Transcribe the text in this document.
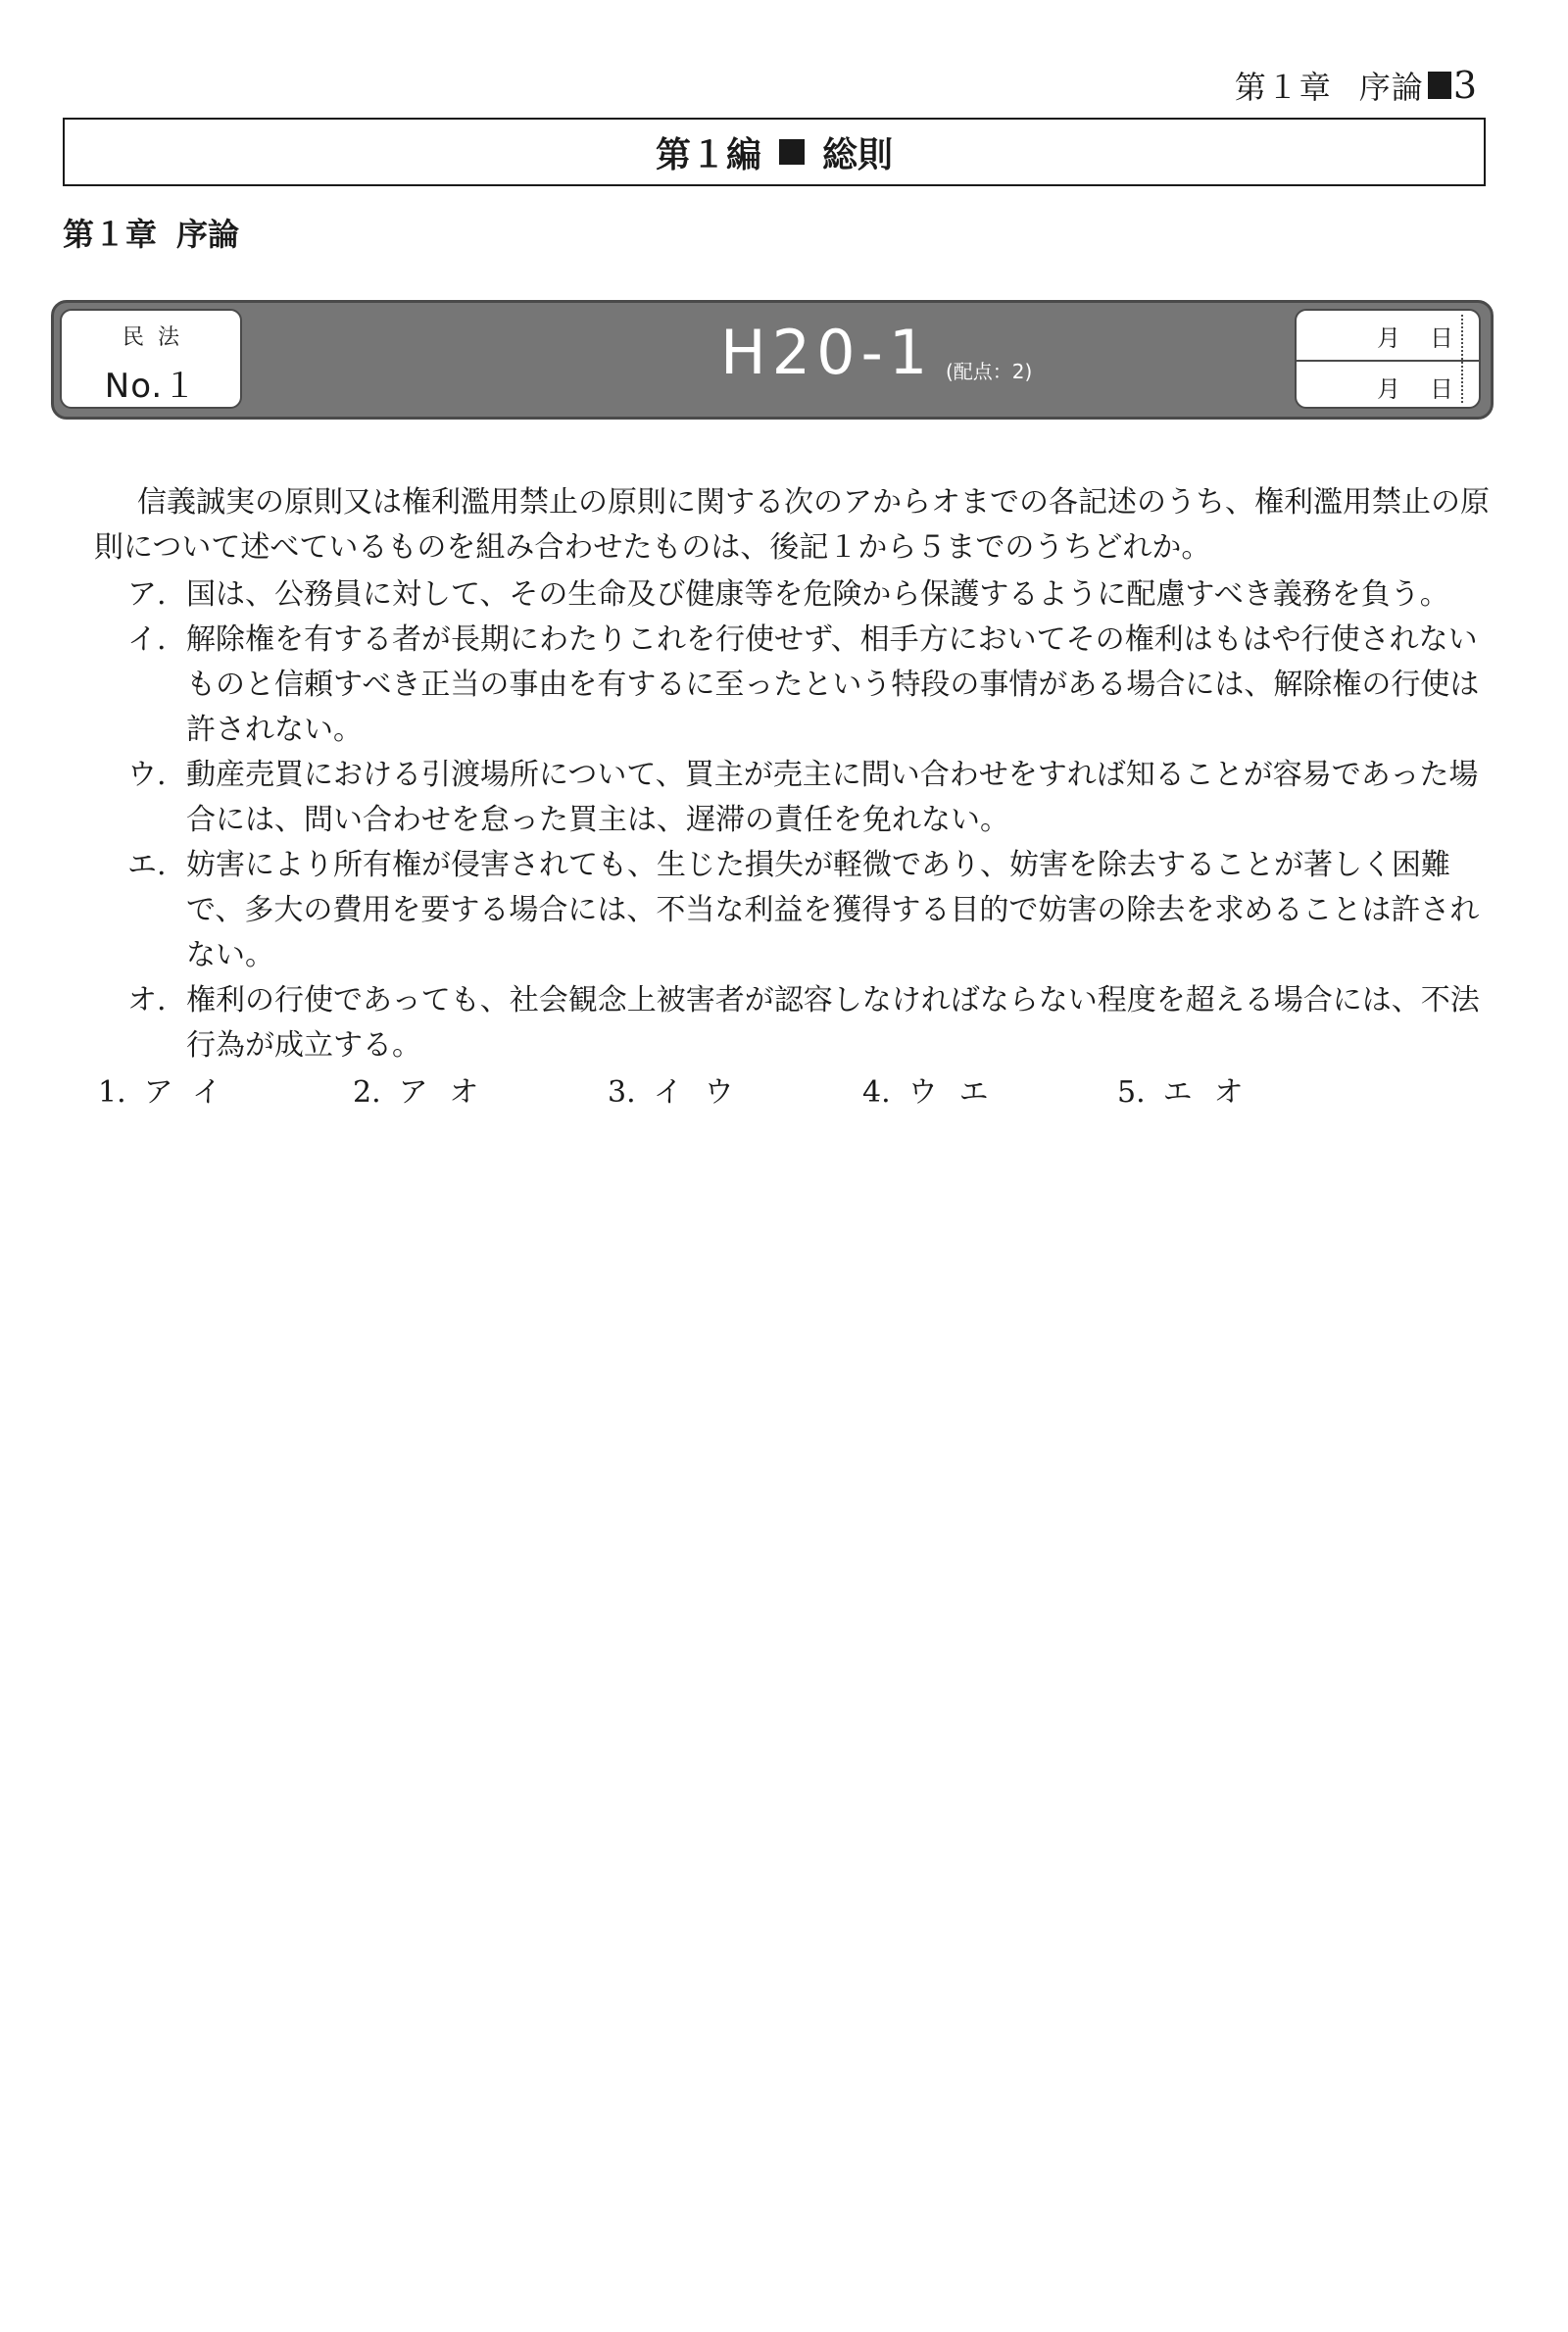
第１章 序論 3
第１編 総則
第１章 序論
民法
No.１	H20-1 (配点：2)
月 日
月 日

信義誠実の原則又は権利濫用禁止の原則に関する次のアからオまでの各記述のうち、権利濫用禁止の原則について述べているものを組み合わせたものは、後記１から５までのうちどれか。

ア. 国は、公務員に対して、その生命及び健康等を危険から保護するように配慮すべき義務を負う。
イ. 解除権を有する者が長期にわたりこれを行使せず、相手方においてその権利はもはや行使されないものと信頼すべき正当の事由を有するに至ったという特段の事情がある場合には、解除権の行使は許されない。
ウ. 動産売買における引渡場所について、買主が売主に問い合わせをすれば知ることが容易であった場合には、問い合わせを怠った買主は、遅滞の責任を免れない。
エ. 妨害により所有権が侵害されても、生じた損失が軽微であり、妨害を除去することが著しく困難で、多大の費用を要する場合には、不当な利益を獲得する目的で妨害の除去を求めることは許されない。
オ. 権利の行使であっても、社会観念上被害者が認容しなければならない程度を超える場合には、不法行為が成立する。
1. アイ	2. アオ	3. イウ	4. ウエ	5. エオ
